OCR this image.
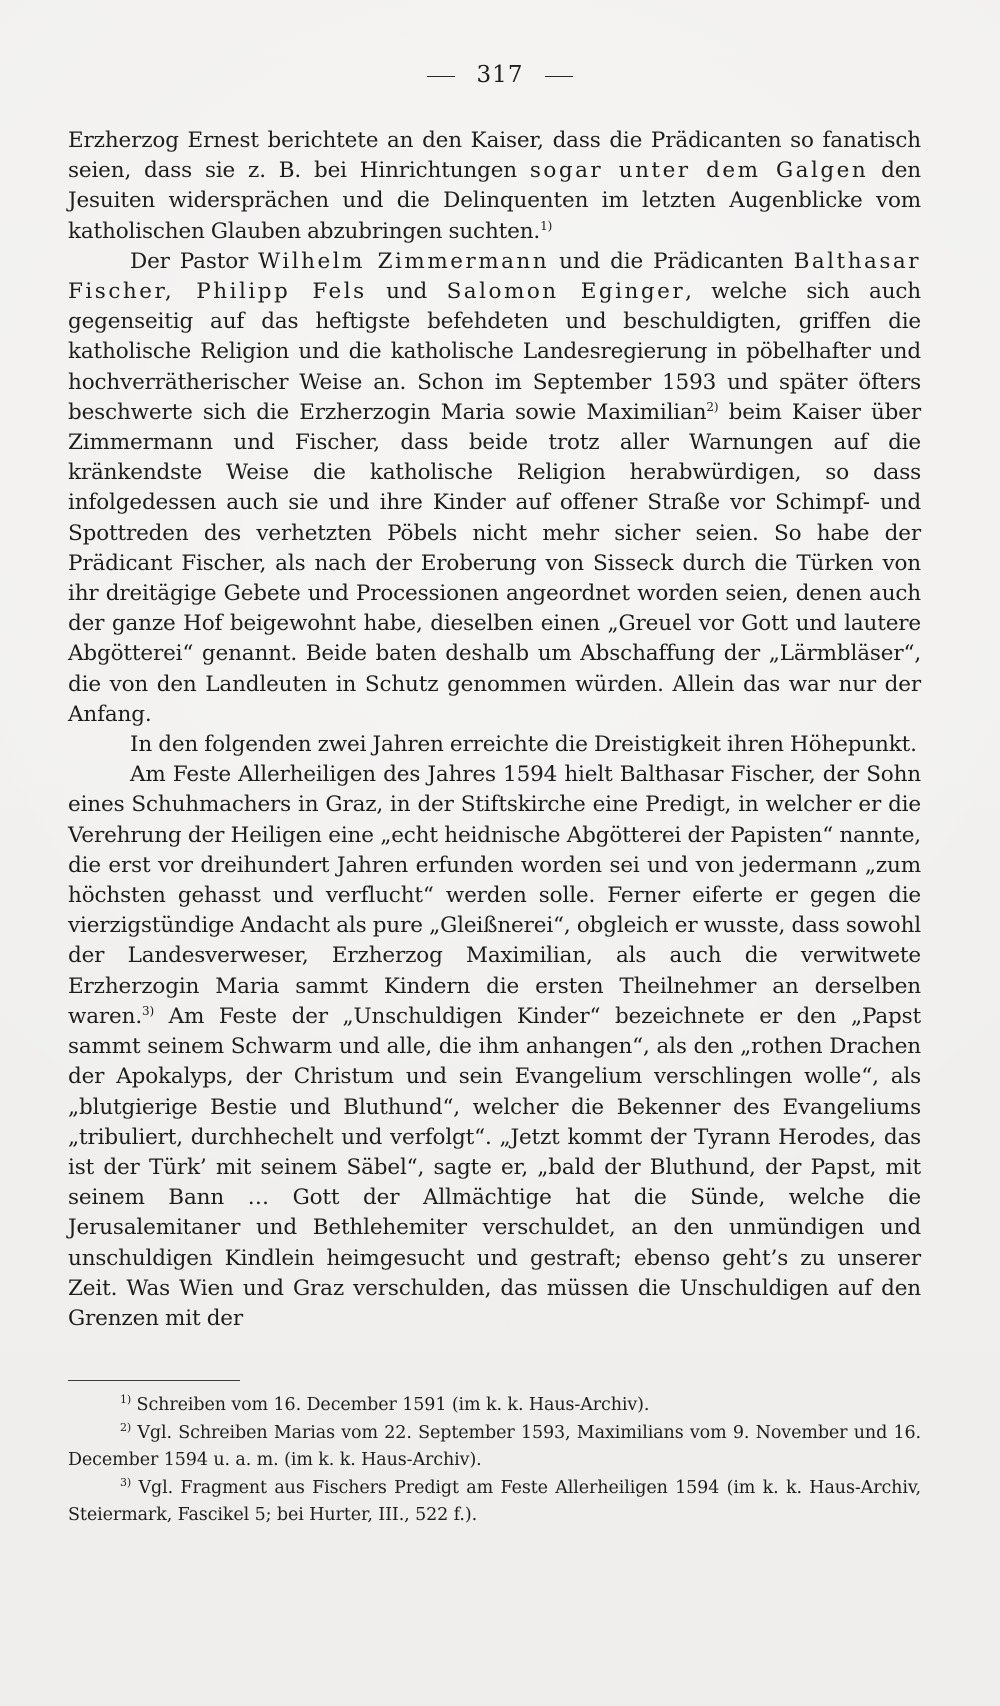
317

Erzherzog Ernest berichtete an den Kaiser, dass die Prädicanten so fanatisch seien, dass sie z. B. bei Hinrichtungen sogar unter dem Galgen den Jesuiten widersprächen und die Delinquenten im letzten Augenblicke vom katholischen Glauben abzubringen suchten.$^{1)}$

Der Pastor Wilhelm Zimmermann und die Prädicanten Balthasar Fischer, Philipp Fels und Salomon Eginger, welche sich auch gegenseitig auf das heftigste befehdeten und beschuldigten, griffen die katholische Religion und die katholische Landesregierung in pöbelhafter und hochverrätherischer Weise an. Schon im September 1593 und später öfters beschwerte sich die Erzherzogin Maria sowie Maximilian$^{2)}$ beim Kaiser über Zimmermann und Fischer, dass beide trotz aller Warnungen auf die kränkendste Weise die katholische Religion herabwürdigen, so dass infolgedessen auch sie und ihre Kinder auf offener Straße vor Schimpf- und Spottreden des verhetzten Pöbels nicht mehr sicher seien. So habe der Prädicant Fischer, als nach der Eroberung von Sisseck durch die Türken von ihr dreitägige Gebete und Processionen angeordnet worden seien, denen auch der ganze Hof beigewohnt habe, dieselben einen „Greuel vor Gott und lautere Abgötterei“ genannt. Beide baten deshalb um Abschaffung der „Lärmbläser“, die von den Landleuten in Schutz genommen würden. Allein das war nur der Anfang.

In den folgenden zwei Jahren erreichte die Dreistigkeit ihren Höhepunkt.

Am Feste Allerheiligen des Jahres 1594 hielt Balthasar Fischer, der Sohn eines Schuhmachers in Graz, in der Stiftskirche eine Predigt, in welcher er die Verehrung der Heiligen eine „echt heidnische Abgötterei der Papisten“ nannte, die erst vor dreihundert Jahren erfunden worden sei und von jedermann „zum höchsten gehasst und verflucht“ werden solle. Ferner eiferte er gegen die vierzigstündige Andacht als pure „Gleißnerei“, obgleich er wusste, dass sowohl der Landesverweser, Erzherzog Maximilian, als auch die verwitwete Erzherzogin Maria sammt Kindern die ersten Theilnehmer an derselben waren.$^{3)}$ Am Feste der „Unschuldigen Kinder“ bezeichnete er den „Papst sammt seinem Schwarm und alle, die ihm anhangen“, als den „rothen Drachen der Apokalyps, der Christum und sein Evangelium verschlingen wolle“, als „blutgierige Bestie und Bluthund“, welcher die Bekenner des Evangeliums „tribuliert, durchhechelt und verfolgt“. „Jetzt kommt der Tyrann Herodes, das ist der Türk’ mit seinem Säbel“, sagte er, „bald der Bluthund, der Papst, mit seinem Bann … Gott der Allmächtige hat die Sünde, welche die Jerusalemitaner und Bethlehemiter verschuldet, an den unmündigen und unschuldigen Kindlein heimgesucht und gestraft; ebenso geht’s zu unserer Zeit. Was Wien und Graz verschulden, das müssen die Unschuldigen auf den Grenzen mit der

$^{1)}$ Schreiben vom 16. December 1591 (im k. k. Haus-Archiv).

$^{2)}$ Vgl. Schreiben Marias vom 22. September 1593, Maximilians vom 9. November und 16. December 1594 u. a. m. (im k. k. Haus-Archiv).

$^{3)}$ Vgl. Fragment aus Fischers Predigt am Feste Allerheiligen 1594 (im k. k. Haus-Archiv, Steiermark, Fascikel 5; bei Hurter, III., 522 f.).
